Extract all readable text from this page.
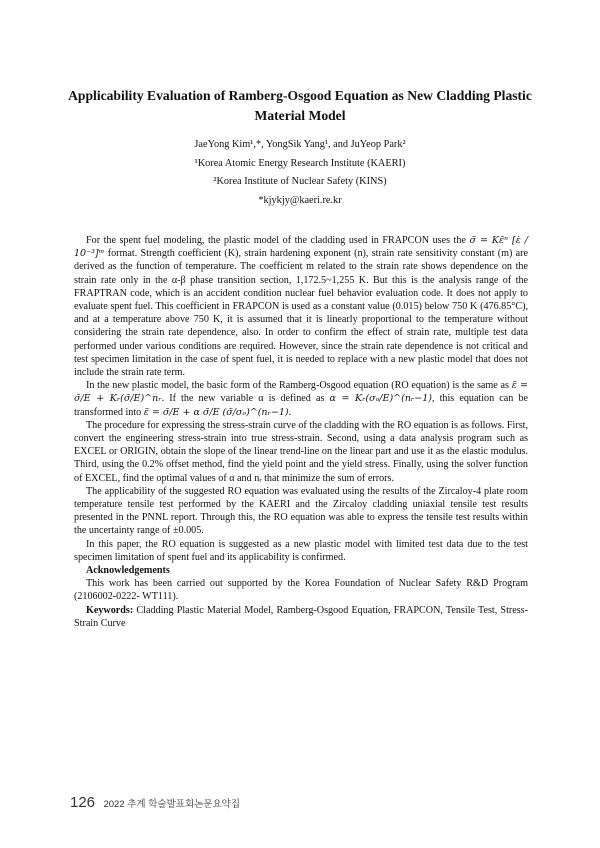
Applicability Evaluation of Ramberg-Osgood Equation as New Cladding Plastic
Material Model
JaeYong Kim¹,*, YongSik Yang¹, and JuYeop Park²
¹Korea Atomic Energy Research Institute (KAERI)
²Korea Institute of Nuclear Safety (KINS)
*kjykjy@kaeri.re.kr

For the spent fuel modeling, the plastic model of the cladding used in FRAPCON uses the σ̃ = Kε̃ⁿ [ε̇ / 10⁻³]ᵐ format. Strength coefficient (K), strain hardening exponent (n), strain rate sensitivity constant (m) are derived as the function of temperature. The coefficient m related to the strain rate shows dependence on the strain rate only in the α-β phase transition section, 1,172.5~1,255 K. But this is the analysis range of the FRAPTRAN code, which is an accident condition nuclear fuel behavior evaluation code. It does not apply to evaluate spent fuel. This coefficient in FRAPCON is used as a constant value (0.015) below 750 K (476.85°C), and at a temperature above 750 K, it is assumed that it is linearly proportional to the temperature without considering the strain rate dependence, also. In order to confirm the effect of strain rate, multiple test data performed under various conditions are required. However, since the strain rate dependence is not critical and test specimen limitation in the case of spent fuel, it is needed to replace with a new plastic model that does not include the strain rate term.

In the new plastic model, the basic form of the Ramberg-Osgood equation (RO equation) is the same as ε̃ = σ̃/E + Kᵣ(σ̃/E)^nᵣ. If the new variable α is defined as α = Kᵣ(σₒ/E)^(nᵣ−1), this equation can be transformed into ε̃ = σ̃/E + α σ̃/E (σ̃/σₒ)^(nᵣ−1).

The procedure for expressing the stress-strain curve of the cladding with the RO equation is as follows. First, convert the engineering stress-strain into true stress-strain. Second, using a data analysis program such as EXCEL or ORIGIN, obtain the slope of the linear trend-line on the linear part and use it as the elastic modulus. Third, using the 0.2% offset method, find the yield point and the yield stress. Finally, using the solver function of EXCEL, find the optimal values of α and nᵣ that minimize the sum of errors.

The applicability of the suggested RO equation was evaluated using the results of the Zircaloy-4 plate room temperature tensile test performed by the KAERI and the Zircaloy cladding uniaxial tensile test results presented in the PNNL report. Through this, the RO equation was able to express the tensile test results within the uncertainty range of ±0.005.

In this paper, the RO equation is suggested as a new plastic model with limited test data due to the test specimen limitation of spent fuel and its applicability is confirmed.

Acknowledgements

This work has been carried out supported by the Korea Foundation of Nuclear Safety R&D Program (2106002-0222- WT111).

Keywords: Cladding Plastic Material Model, Ramberg-Osgood Equation, FRAPCON, Tensile Test, Stress-Strain Curve

126 2022 추계 학술발표회논문요약집
